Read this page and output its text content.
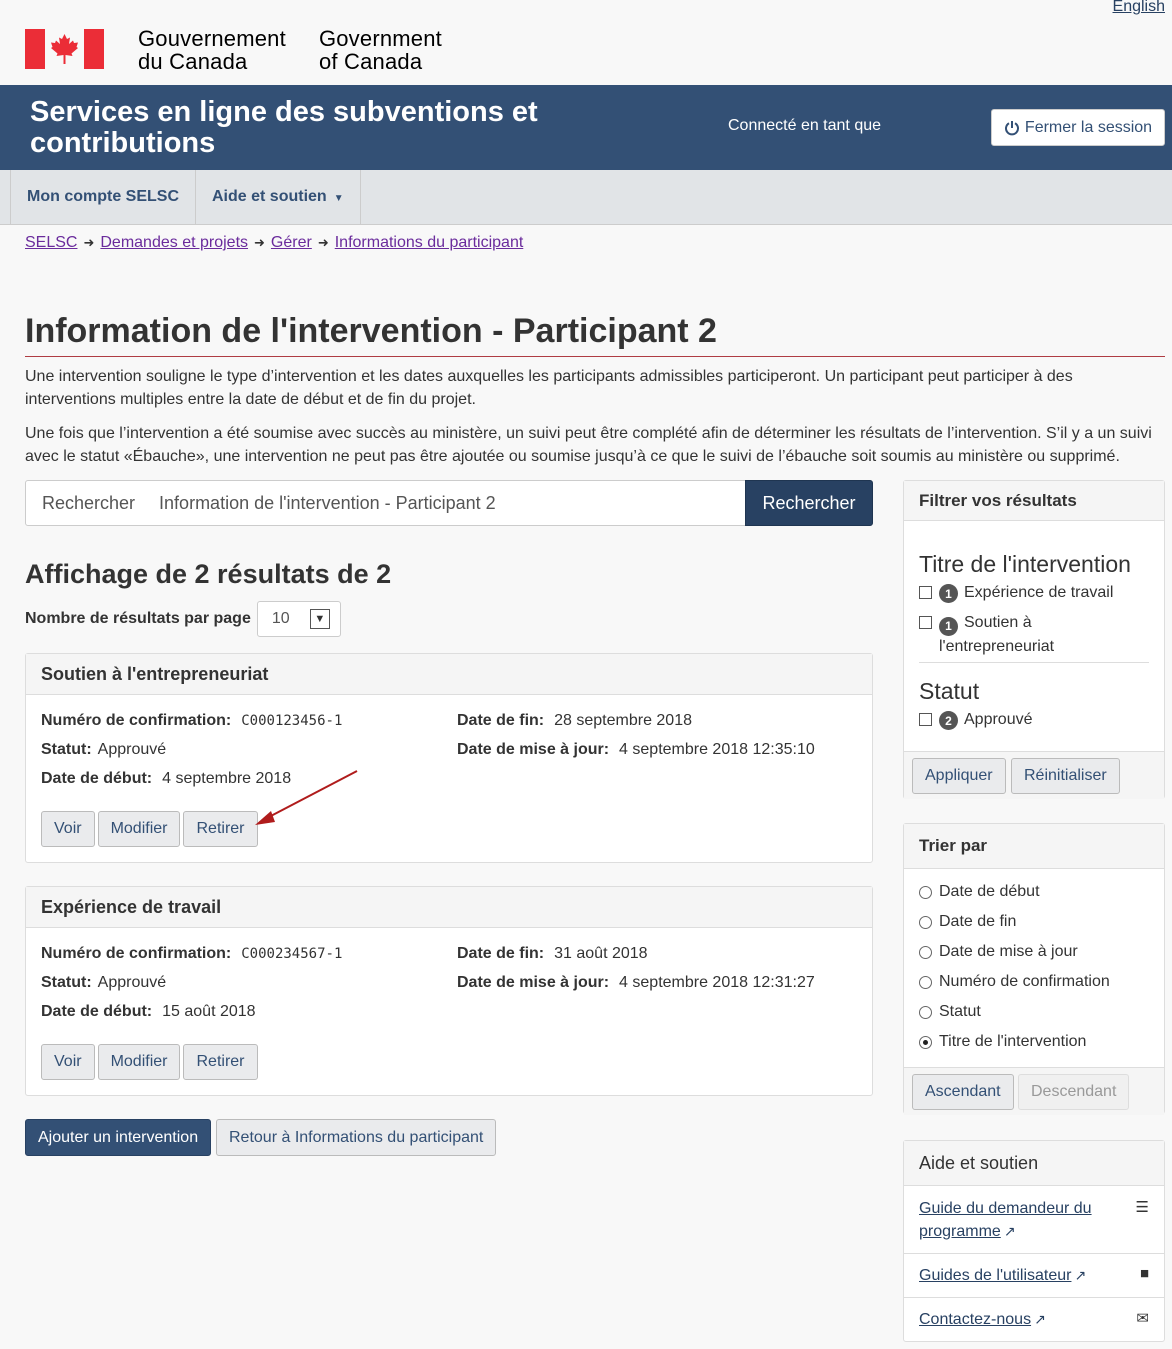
English
Gouvernement
du Canada
Government
of Canada
Services en ligne des subventions et contributions
Connecté en tant que	Fermer la session
Mon compte SELSC	Aide et soutien ▼
SELSC ➜ Demandes et projets ➜ Gérer ➜ Informations du participant
Information de l'intervention - Participant 2

Une intervention souligne le type d’intervention et les dates auxquelles les participants admissibles participeront. Un participant peut participer à des interventions multiples entre la date de début et de fin du projet.

Une fois que l’intervention a été soumise avec succès au ministère, un suivi peut être complété afin de déterminer les résultats de l’intervention. S’il y a un suivi avec le statut «Ébauche», une intervention ne peut pas être ajoutée ou soumise jusqu’à ce que le suivi de l’ébauche soit soumis au ministère ou supprimé.

Rechercher Information de l'intervention - Participant 2	Rechercher
Affichage de 2 résultats de 2
Nombre de résultats par page 10	▼
Soutien à l'entrepreneuriat
Numéro de confirmation: C000123456-1
Statut: Approuvé
Date de début: 4 septembre 2018
Date de fin: 28 septembre 2018
Date de mise à jour: 4 septembre 2018 12:35:10
Voir	Modifier	Retirer
Expérience de travail
Numéro de confirmation: C000234567-1
Statut: Approuvé
Date de début: 15 août 2018
Date de fin: 31 août 2018
Date de mise à jour: 4 septembre 2018 12:31:27
Voir	Modifier	Retirer
Ajouter un intervention	Retour à Informations du participant
Filtrer vos résultats
Titre de l'intervention
1 Expérience de travail
1 Soutien à l'entrepreneuriat
Statut
2 Approuvé
Appliquer	Réinitialiser
Trier par
Date de début
Date de fin
Date de mise à jour
Numéro de confirmation
Statut
Titre de l'intervention
Ascendant	Descendant
Aide et soutien
Guide du demandeur du programme ↗
☰
Guides de l'utilisateur ↗	■
Contactez-nous ↗	✉
